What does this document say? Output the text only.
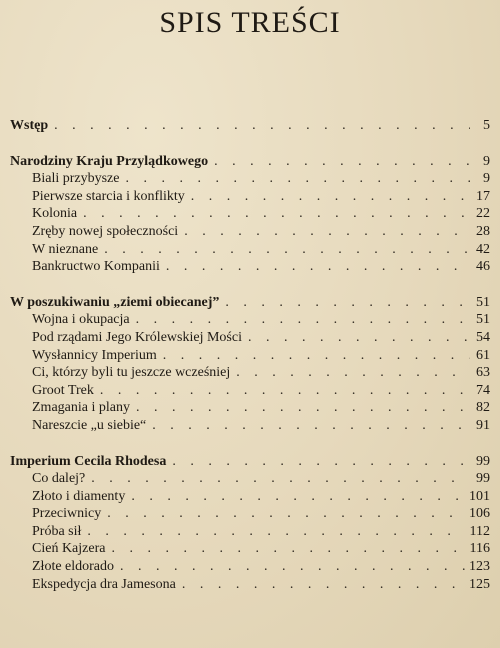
SPIS TREŚCI
Wstęp . . .	5
Narodziny Kraju Przylądkowego . . .	9
Biali przybysze . . .	9
Pierwsze starcia i konflikty . . .	17
Kolonia . . .	22
Zręby nowej społeczności . . .	28
W nieznane . . .	42
Bankructwo Kompanii . . .	46
W poszukiwaniu „ziemi obiecanej” . . .	51
Wojna i okupacja . . .	51
Pod rządami Jego Królewskiej Mości . . .	54
Wysłannicy Imperium . . .	61
Ci, którzy byli tu jeszcze wcześniej . . .	63
Groot Trek . . .	74
Zmagania i plany . . .	82
Nareszcie „u siebie“ . . .	91
Imperium Cecila Rhodesa . . .	99
Co dalej? . . .	99
Złoto i diamenty . . .	101
Przeciwnicy . . .	106
Próba sił . . .	112
Cień Kajzera . . .	116
Złote eldorado . . .	123
Ekspedycja dra Jamesona . . .	125
